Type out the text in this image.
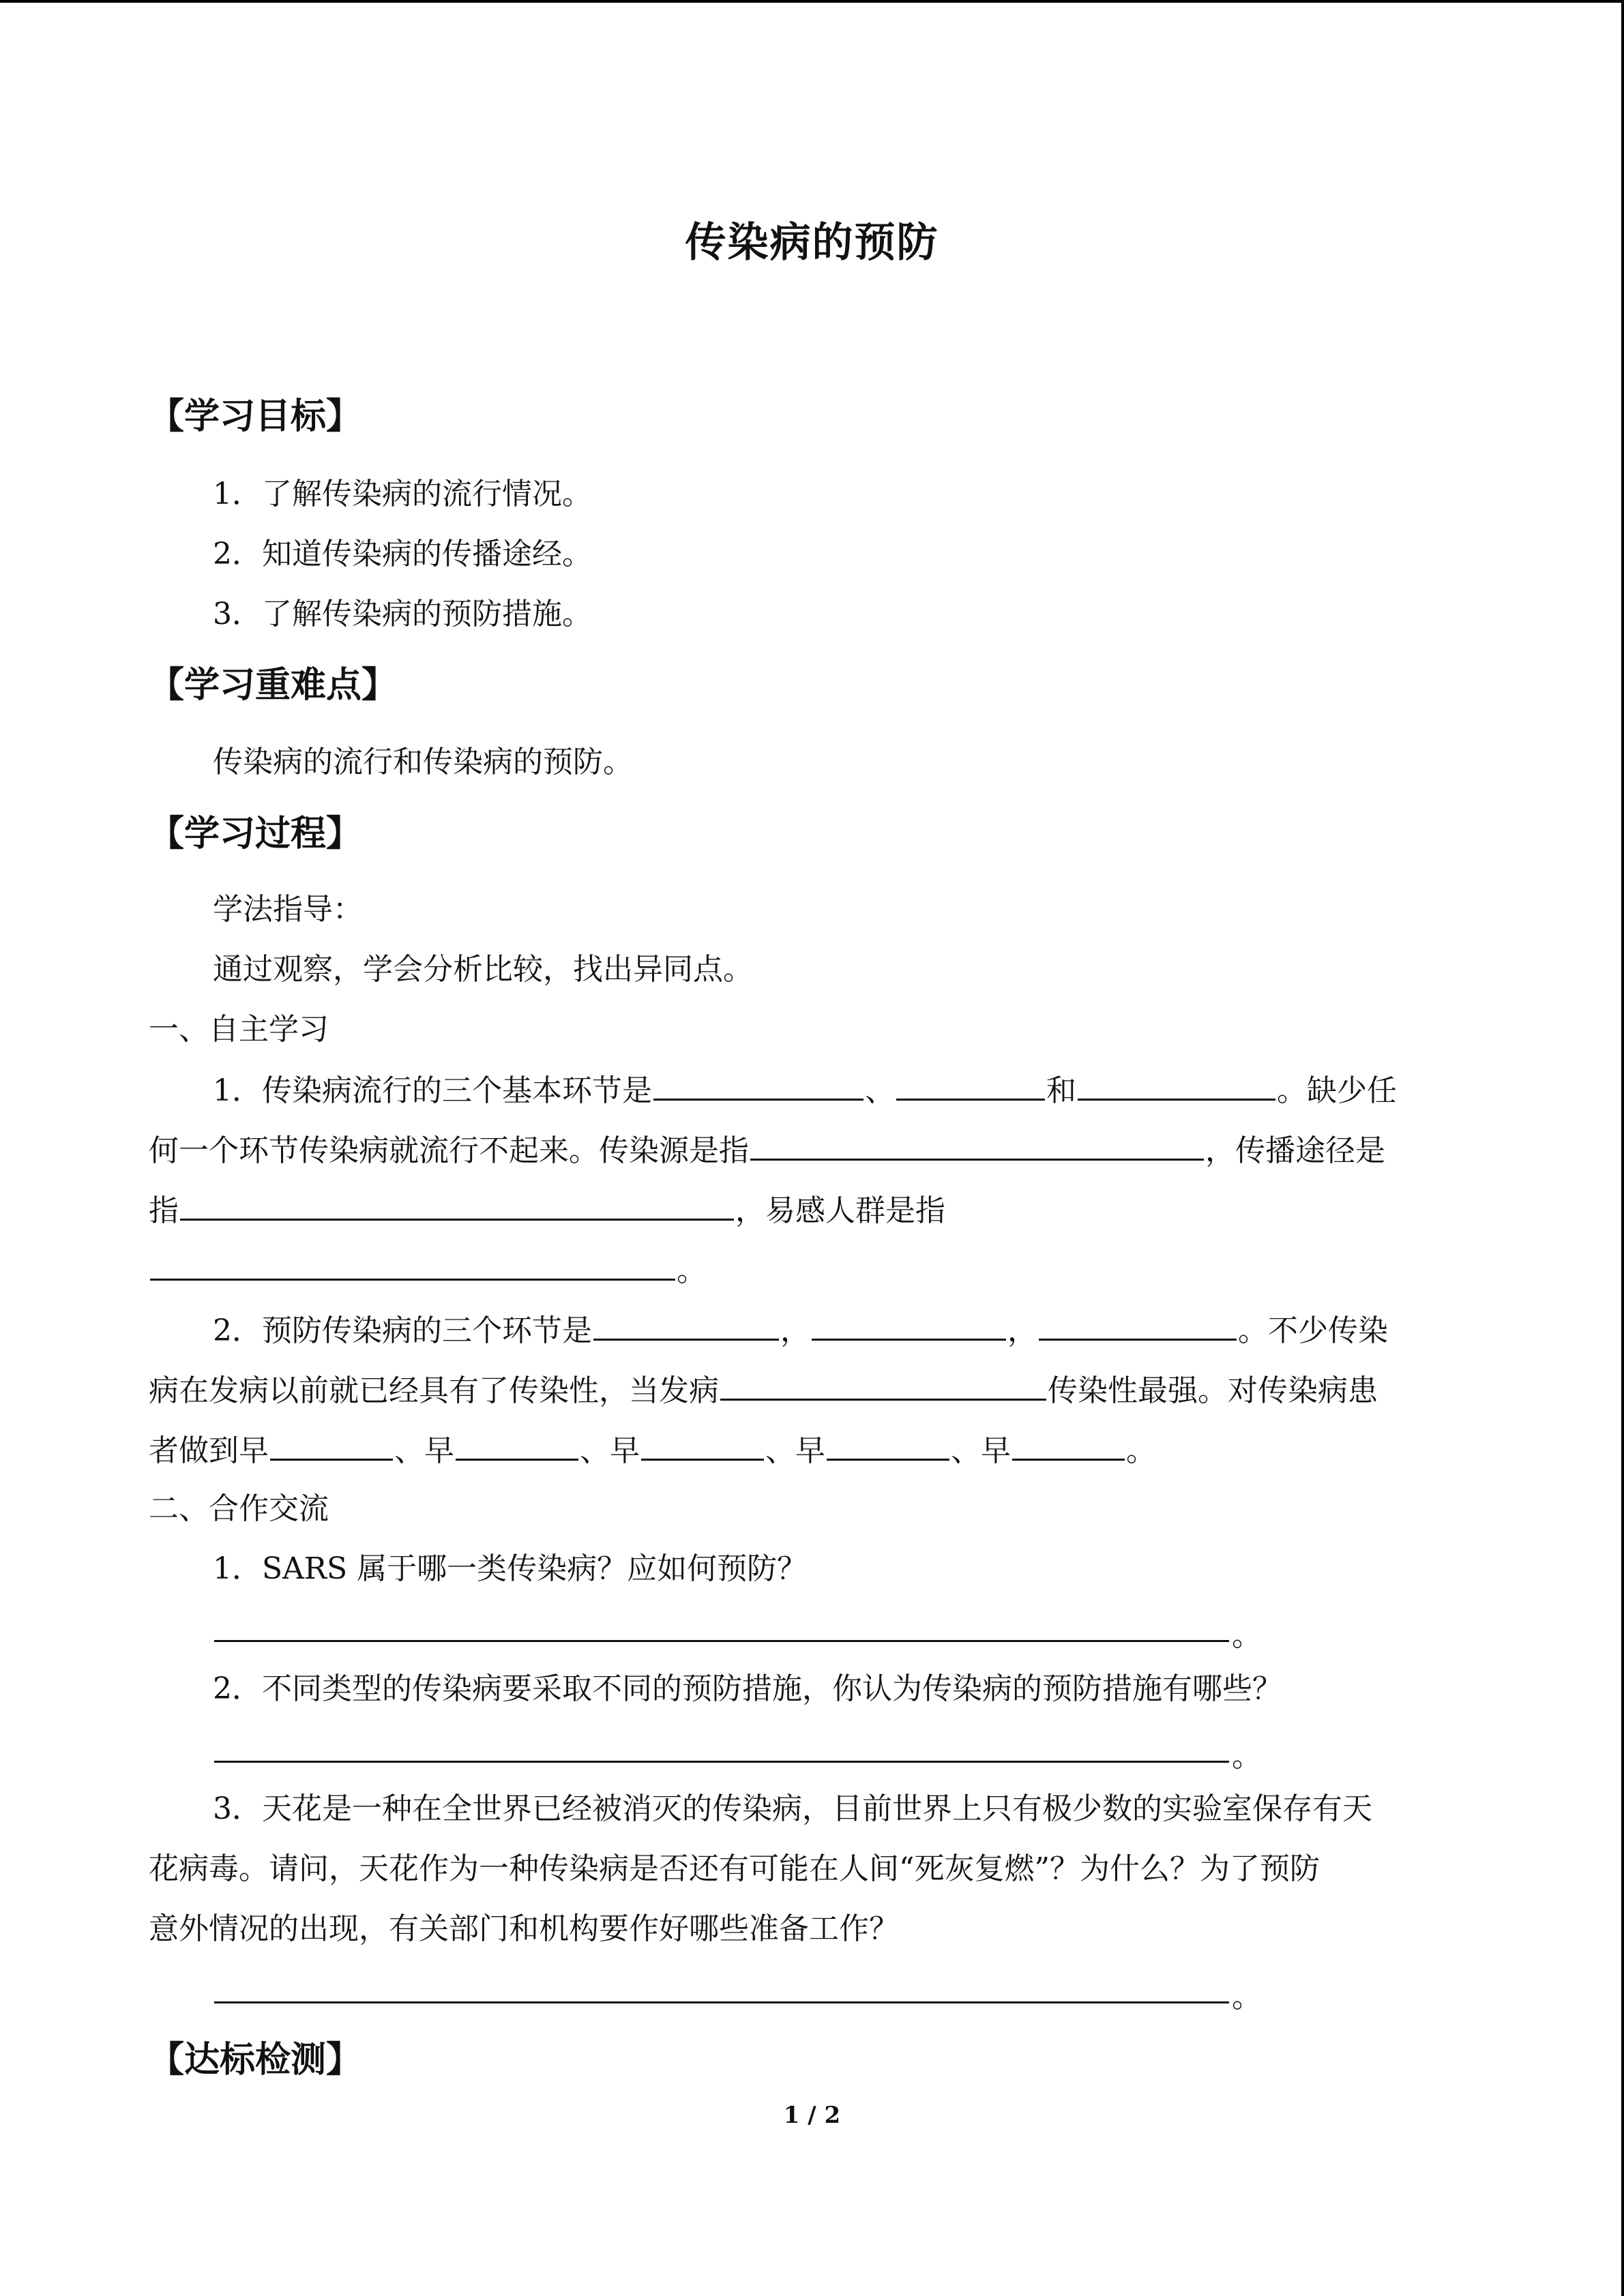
传染病的预防
【学习目标】
1．了解传染病的流行情况。
2．知道传染病的传播途经。
3．了解传染病的预防措施。
【学习重难点】
传染病的流行和传染病的预防。
【学习过程】
学法指导：
通过观察，学会分析比较，找出异同点。
一、自主学习
1．传染病流行的三个基本环节是	、	和	。缺少任
何一个环节传染病就流行不起来。传染源是指	，传播途径是
指	，易感人群是指
。
2．预防传染病的三个环节是	，	，	。不少传染
病在发病以前就已经具有了传染性，当发病	传染性最强。对传染病患
者做到早	、早	、早	、早	、早	。
二、合作交流
1．SARS 属于哪一类传染病？应如何预防？
。
2．不同类型的传染病要采取不同的预防措施，你认为传染病的预防措施有哪些？
。
3．天花是一种在全世界已经被消灭的传染病，目前世界上只有极少数的实验室保存有天
花病毒。请问，天花作为一种传染病是否还有可能在人间“死灰复燃”？为什么？为了预防
意外情况的出现，有关部门和机构要作好哪些准备工作？
。
【达标检测】
1 / 2
